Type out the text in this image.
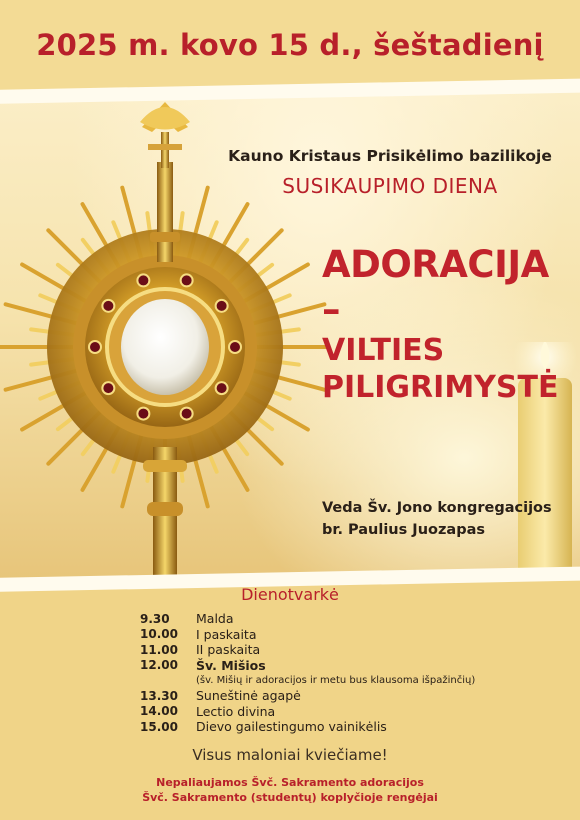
2025 m. kovo 15 d., šeštadienį
Kauno Kristaus Prisikėlimo bazilikoje
SUSIKAUPIMO DIENA
ADORACIJA –
VILTIES
PILIGRIMYSTĖ
Veda Šv. Jono kongregacijos
br. Paulius Juozapas
Dienotvarkė
9.30	Malda
10.00	I paskaita
11.00	II paskaita
12.00	Šv. Mišios
(šv. Mišių ir adoracijos ir metu bus klausoma išpažinčių)
13.30	Suneštinė agapė
14.00	Lectio divina
15.00	Dievo gailestingumo vainikėlis
Visus maloniai kviečiame!
Nepaliaujamos Švč. Sakramento adoracijos
Švč. Sakramento (studentų) koplyčioje rengėjai
